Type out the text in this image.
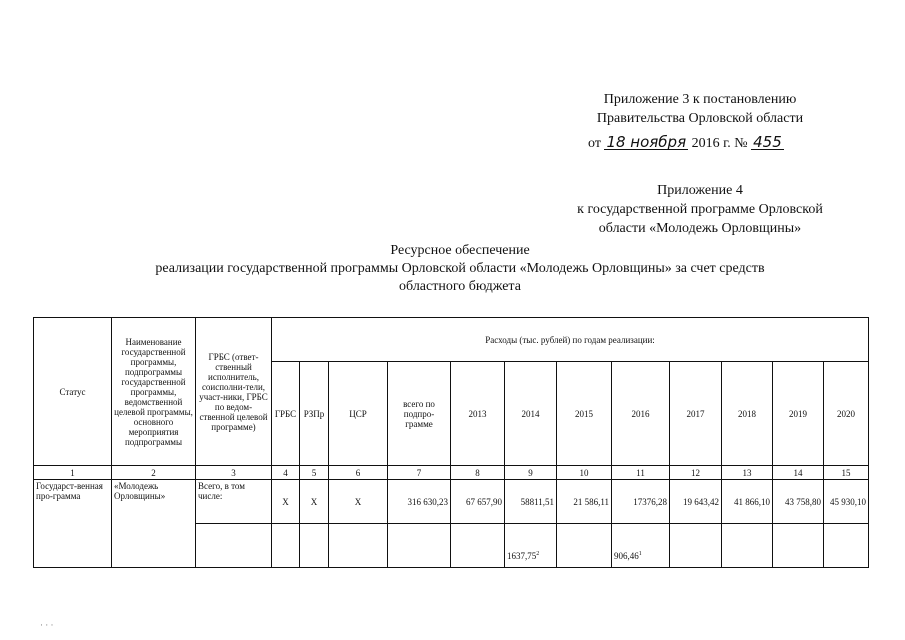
Приложение 3 к постановлению
Правительства Орловской области
от 18 ноября 2016 г. № 455
Приложение 4
к государственной программе Орловской
области «Молодежь Орловщины»
Ресурсное обеспечение
реализации государственной программы Орловской области «Молодежь Орловщины» за счет средств
областного бюджета
Статус	Наименование государственной программы, подпрограммы государственной программы, ведомственной целевой программы, основного мероприятия подпрограммы	ГРБС (ответ-ственный исполнитель, соисполни-тели, участ-ники, ГРБС по ведом-ственной целевой программе)	Расходы (тыс. рублей) по годам реализации:											
			ГРБС	РЗПр	ЦСР	всего по подпро-грамме	2013	2014	2015	2016	2017	2018	2019	2020
1	2	3	4	5	6	7	8	9	10	11	12	13	14	15
Государст-венная про-грамма	«Молодежь Орловщины»	Всего, в том числе:	Х	Х	Х	316 630,23	67 657,90	58811,51	21 586,11	17376,28	19 643,42	41 866,10	43 758,80	45 930,10
								1637,75$^2$		906,46$^1$				
· · ·
